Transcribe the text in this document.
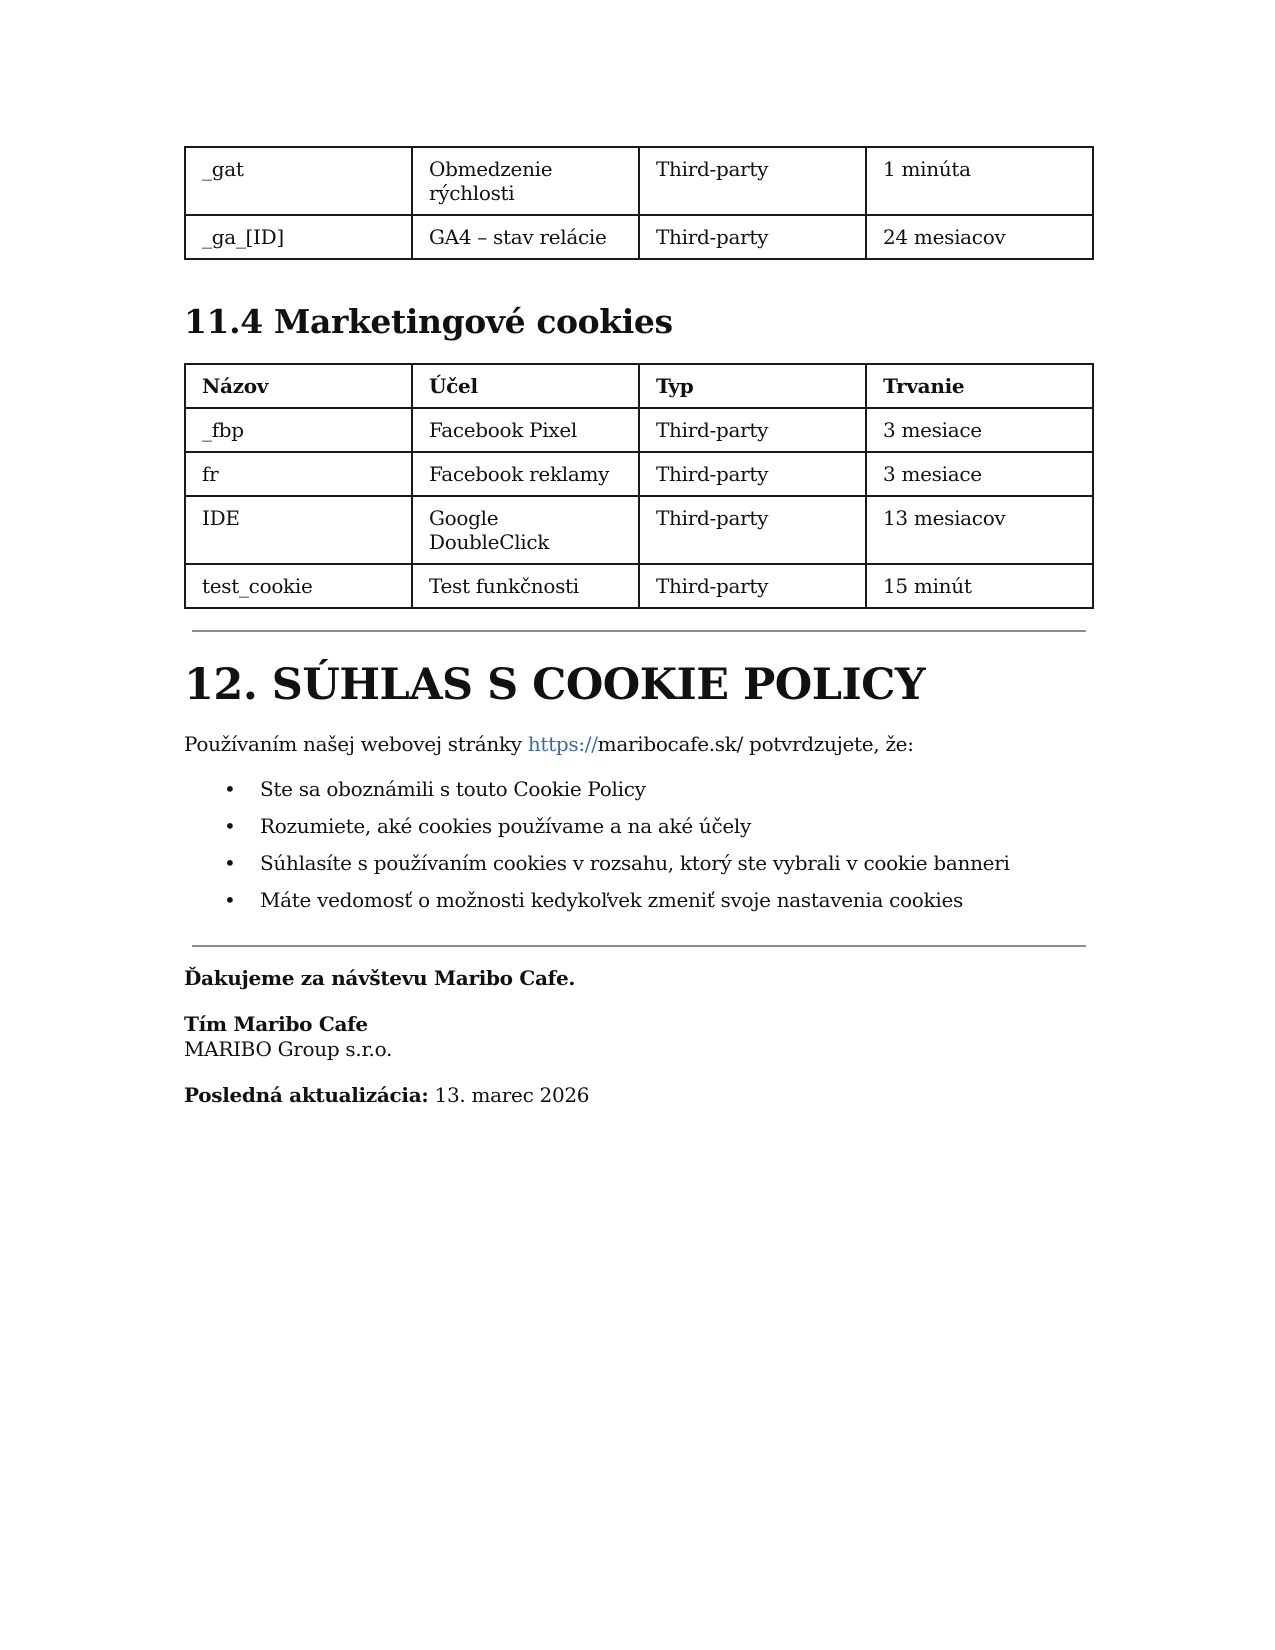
_gat	Obmedzenie rýchlosti	Third-party	1 minúta
_ga_[ID]	GA4 – stav relácie	Third-party	24 mesiacov
11.4 Marketingové cookies
Názov	Účel	Typ	Trvanie
_fbp	Facebook Pixel	Third-party	3 mesiace
fr	Facebook reklamy	Third-party	3 mesiace
IDE	Google DoubleClick	Third-party	13 mesiacov
test_cookie	Test funkčnosti	Third-party	15 minút
12. SÚHLAS S COOKIE POLICY

Používaním našej webovej stránky https://maribocafe.sk/ potvrdzujete, že:

• Ste sa oboznámili s touto Cookie Policy
• Rozumiete, aké cookies používame a na aké účely
• Súhlasíte s používaním cookies v rozsahu, ktorý ste vybrali v cookie banneri
• Máte vedomosť o možnosti kedykoľvek zmeniť svoje nastavenia cookies

Ďakujeme za návštevu Maribo Cafe.

Tím Maribo Cafe

MARIBO Group s.r.o.

Posledná aktualizácia: 13. marec 2026
